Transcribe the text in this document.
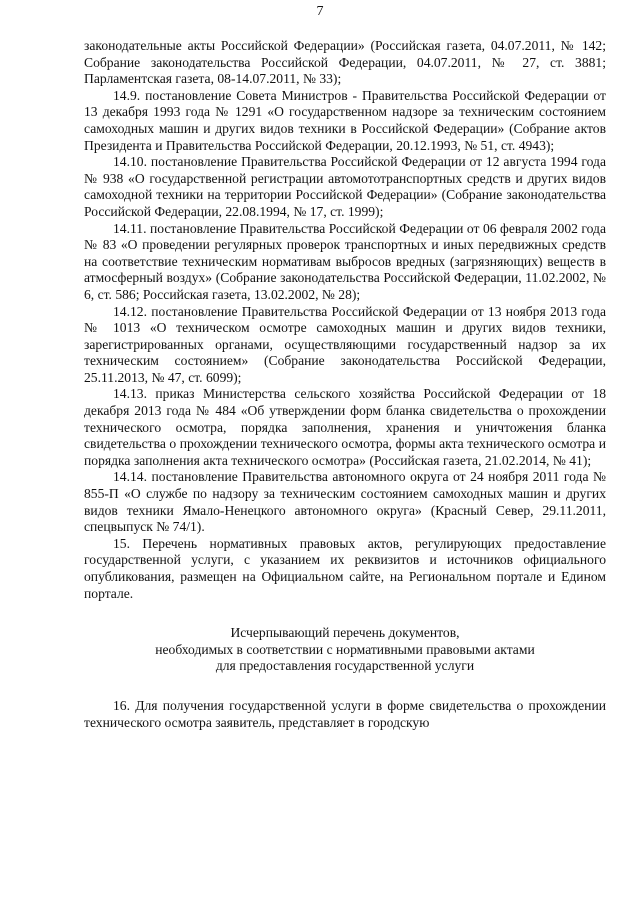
7

законодательные акты Российской Федерации» (Российская газета, 04.07.2011, № 142; Собрание законодательства Российской Федерации, 04.07.2011, № 27, ст. 3881; Парламентская газета, 08-14.07.2011, № 33);

14.9. постановление Совета Министров - Правительства Российской Федерации от 13 декабря 1993 года № 1291 «О государственном надзоре за техническим состоянием самоходных машин и других видов техники в Российской Федерации» (Собрание актов Президента и Правительства Российской Федерации, 20.12.1993, № 51, ст. 4943);

14.10. постановление Правительства Российской Федерации от 12 августа 1994 года № 938 «О государственной регистрации автомототранспортных средств и других видов самоходной техники на территории Российской Федерации» (Собрание законодательства Российской Федерации, 22.08.1994, № 17, ст. 1999);

14.11. постановление Правительства Российской Федерации от 06 февраля 2002 года № 83 «О проведении регулярных проверок транспортных и иных передвижных средств на соответствие техническим нормативам выбросов вредных (загрязняющих) веществ в атмосферный воздух» (Собрание законодательства Российской Федерации, 11.02.2002, № 6, ст. 586; Российская газета, 13.02.2002, № 28);

14.12. постановление Правительства Российской Федерации от 13 ноября 2013 года № 1013 «О техническом осмотре самоходных машин и других видов техники, зарегистрированных органами, осуществляющими государственный надзор за их техническим состоянием» (Собрание законодательства Российской Федерации, 25.11.2013, № 47, ст. 6099);

14.13. приказ Министерства сельского хозяйства Российской Федерации от 18 декабря 2013 года № 484 «Об утверждении форм бланка свидетельства о прохождении технического осмотра, порядка заполнения, хранения и уничтожения бланка свидетельства о прохождении технического осмотра, формы акта технического осмотра и порядка заполнения акта технического осмотра» (Российская газета, 21.02.2014, № 41);

14.14. постановление Правительства автономного округа от 24 ноября 2011 года № 855-П «О службе по надзору за техническим состоянием самоходных машин и других видов техники Ямало-Ненецкого автономного округа» (Красный Север, 29.11.2011, спецвыпуск № 74/1).

15. Перечень нормативных правовых актов, регулирующих предоставление государственной услуги, с указанием их реквизитов и источников официального опубликования, размещен на Официальном сайте, на Региональном портале и Едином портале.

Исчерпывающий перечень документов,
необходимых в соответствии с нормативными правовыми актами
для предоставления государственной услуги

16. Для получения государственной услуги в форме свидетельства о прохождении технического осмотра заявитель, представляет в городскую
